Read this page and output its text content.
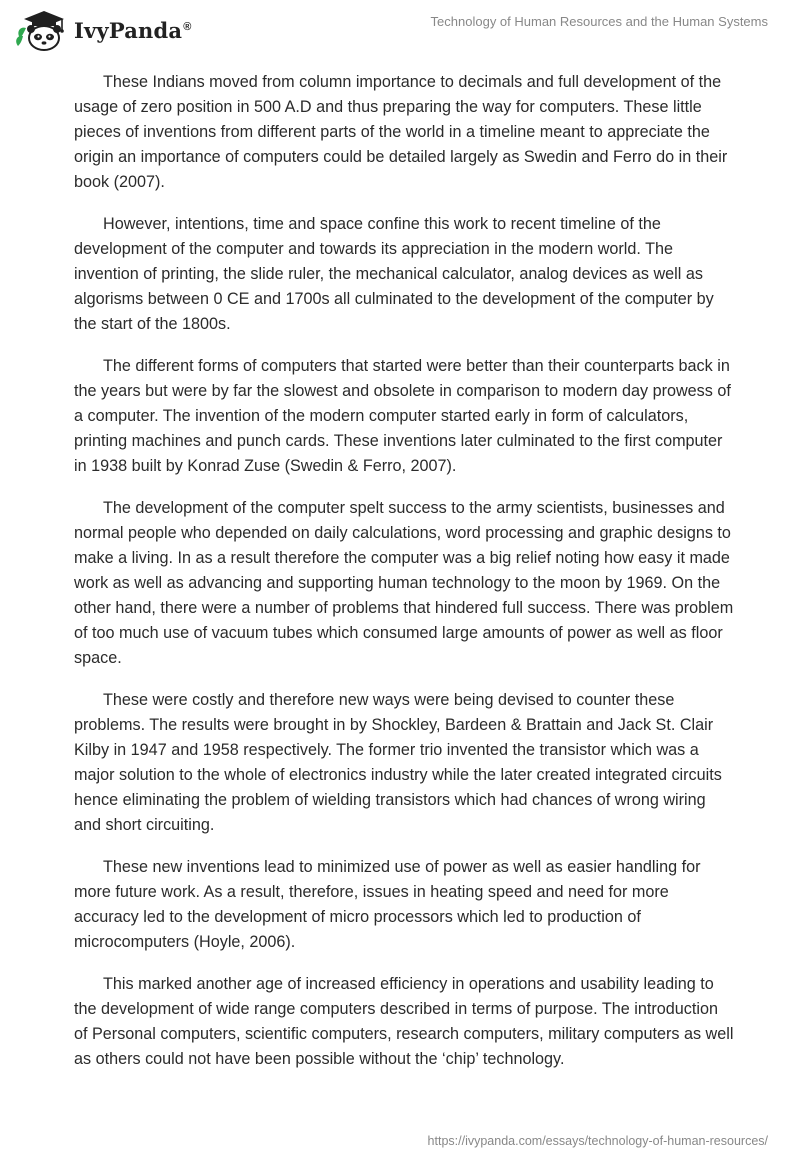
IvyPanda®	Technology of Human Resources and the Human Systems

These Indians moved from column importance to decimals and full development of the usage of zero position in 500 A.D and thus preparing the way for computers. These little pieces of inventions from different parts of the world in a timeline meant to appreciate the origin an importance of computers could be detailed largely as Swedin and Ferro do in their book (2007).

However, intentions, time and space confine this work to recent timeline of the development of the computer and towards its appreciation in the modern world. The invention of printing, the slide ruler, the mechanical calculator, analog devices as well as algorisms between 0 CE and 1700s all culminated to the development of the computer by the start of the 1800s.

The different forms of computers that started were better than their counterparts back in the years but were by far the slowest and obsolete in comparison to modern day prowess of a computer. The invention of the modern computer started early in form of calculators, printing machines and punch cards. These inventions later culminated to the first computer in 1938 built by Konrad Zuse (Swedin & Ferro, 2007).

The development of the computer spelt success to the army scientists, businesses and normal people who depended on daily calculations, word processing and graphic designs to make a living. In as a result therefore the computer was a big relief noting how easy it made work as well as advancing and supporting human technology to the moon by 1969. On the other hand, there were a number of problems that hindered full success. There was problem of too much use of vacuum tubes which consumed large amounts of power as well as floor space.

These were costly and therefore new ways were being devised to counter these problems. The results were brought in by Shockley, Bardeen & Brattain and Jack St. Clair Kilby in 1947 and 1958 respectively. The former trio invented the transistor which was a major solution to the whole of electronics industry while the later created integrated circuits hence eliminating the problem of wielding transistors which had chances of wrong wiring and short circuiting.

These new inventions lead to minimized use of power as well as easier handling for more future work. As a result, therefore, issues in heating speed and need for more accuracy led to the development of micro processors which led to production of microcomputers (Hoyle, 2006).

This marked another age of increased efficiency in operations and usability leading to the development of wide range computers described in terms of purpose. The introduction of Personal computers, scientific computers, research computers, military computers as well as others could not have been possible without the ‘chip’ technology.

https://ivypanda.com/essays/technology-of-human-resources/
